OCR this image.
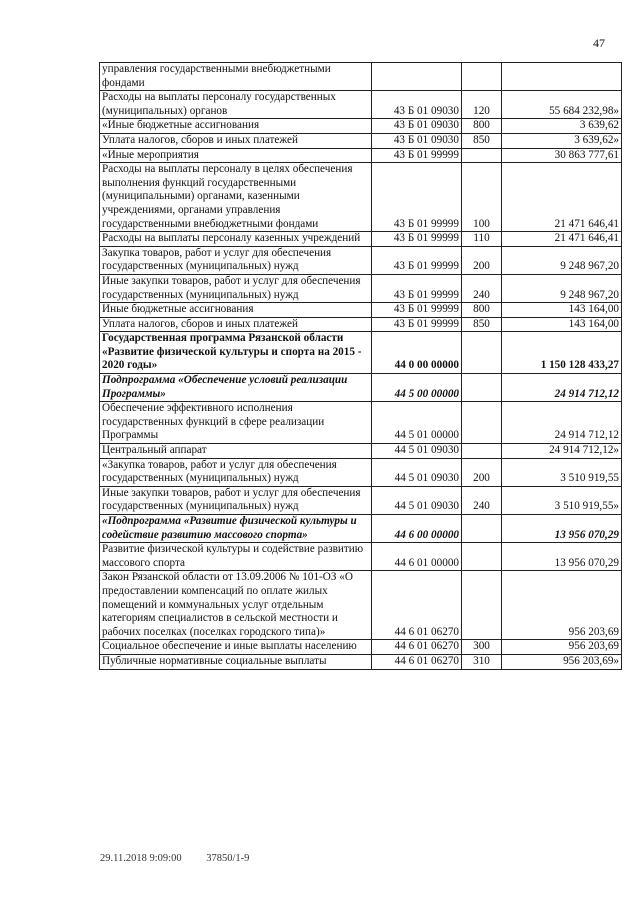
47
управления государственными внебюджетными фондами			
Расходы на выплаты персоналу государственных (муниципальных) органов	43 Б 01 09030	120	55 684 232,98»
«Иные бюджетные ассигнования	43 Б 01 09030	800	3 639,62
Уплата налогов, сборов и иных платежей	43 Б 01 09030	850	3 639,62»
«Иные мероприятия	43 Б 01 99999		30 863 777,61
Расходы на выплаты персоналу в целях обеспечения выполнения функций государственными (муниципальными) органами, казенными учреждениями, органами управления государственными внебюджетными фондами	43 Б 01 99999	100	21 471 646,41
Расходы на выплаты персоналу казенных учреждений	43 Б 01 99999	110	21 471 646,41
Закупка товаров, работ и услуг для обеспечения государственных (муниципальных) нужд	43 Б 01 99999	200	9 248 967,20
Иные закупки товаров, работ и услуг для обеспечения государственных (муниципальных) нужд	43 Б 01 99999	240	9 248 967,20
Иные бюджетные ассигнования	43 Б 01 99999	800	143 164,00
Уплата налогов, сборов и иных платежей	43 Б 01 99999	850	143 164,00
Государственная программа Рязанской области «Развитие физической культуры и спорта на 2015 - 2020 годы»	44 0 00 00000		1 150 128 433,27
Подпрограмма «Обеспечение условий реализации Программы»	44 5 00 00000		24 914 712,12
Обеспечение эффективного исполнения государственных функций в сфере реализации Программы	44 5 01 00000		24 914 712,12
Центральный аппарат	44 5 01 09030		24 914 712,12»
«Закупка товаров, работ и услуг для обеспечения государственных (муниципальных) нужд	44 5 01 09030	200	3 510 919,55
Иные закупки товаров, работ и услуг для обеспечения государственных (муниципальных) нужд	44 5 01 09030	240	3 510 919,55»
«Подпрограмма «Развитие физической культуры и содействие развитию массового спорта»	44 6 00 00000		13 956 070,29
Развитие физической культуры и содействие развитию массового спорта	44 6 01 00000		13 956 070,29
Закон Рязанской области от 13.09.2006 № 101-ОЗ «О предоставлении компенсаций по оплате жилых помещений и коммунальных услуг отдельным категориям специалистов в сельской местности и рабочих поселках (поселках городского типа)»	44 6 01 06270		956 203,69
Социальное обеспечение и иные выплаты населению	44 6 01 06270	300	956 203,69
Публичные нормативные социальные выплаты	44 6 01 06270	310	956 203,69»
29.11.2018 9:09:00 37850/1-9
